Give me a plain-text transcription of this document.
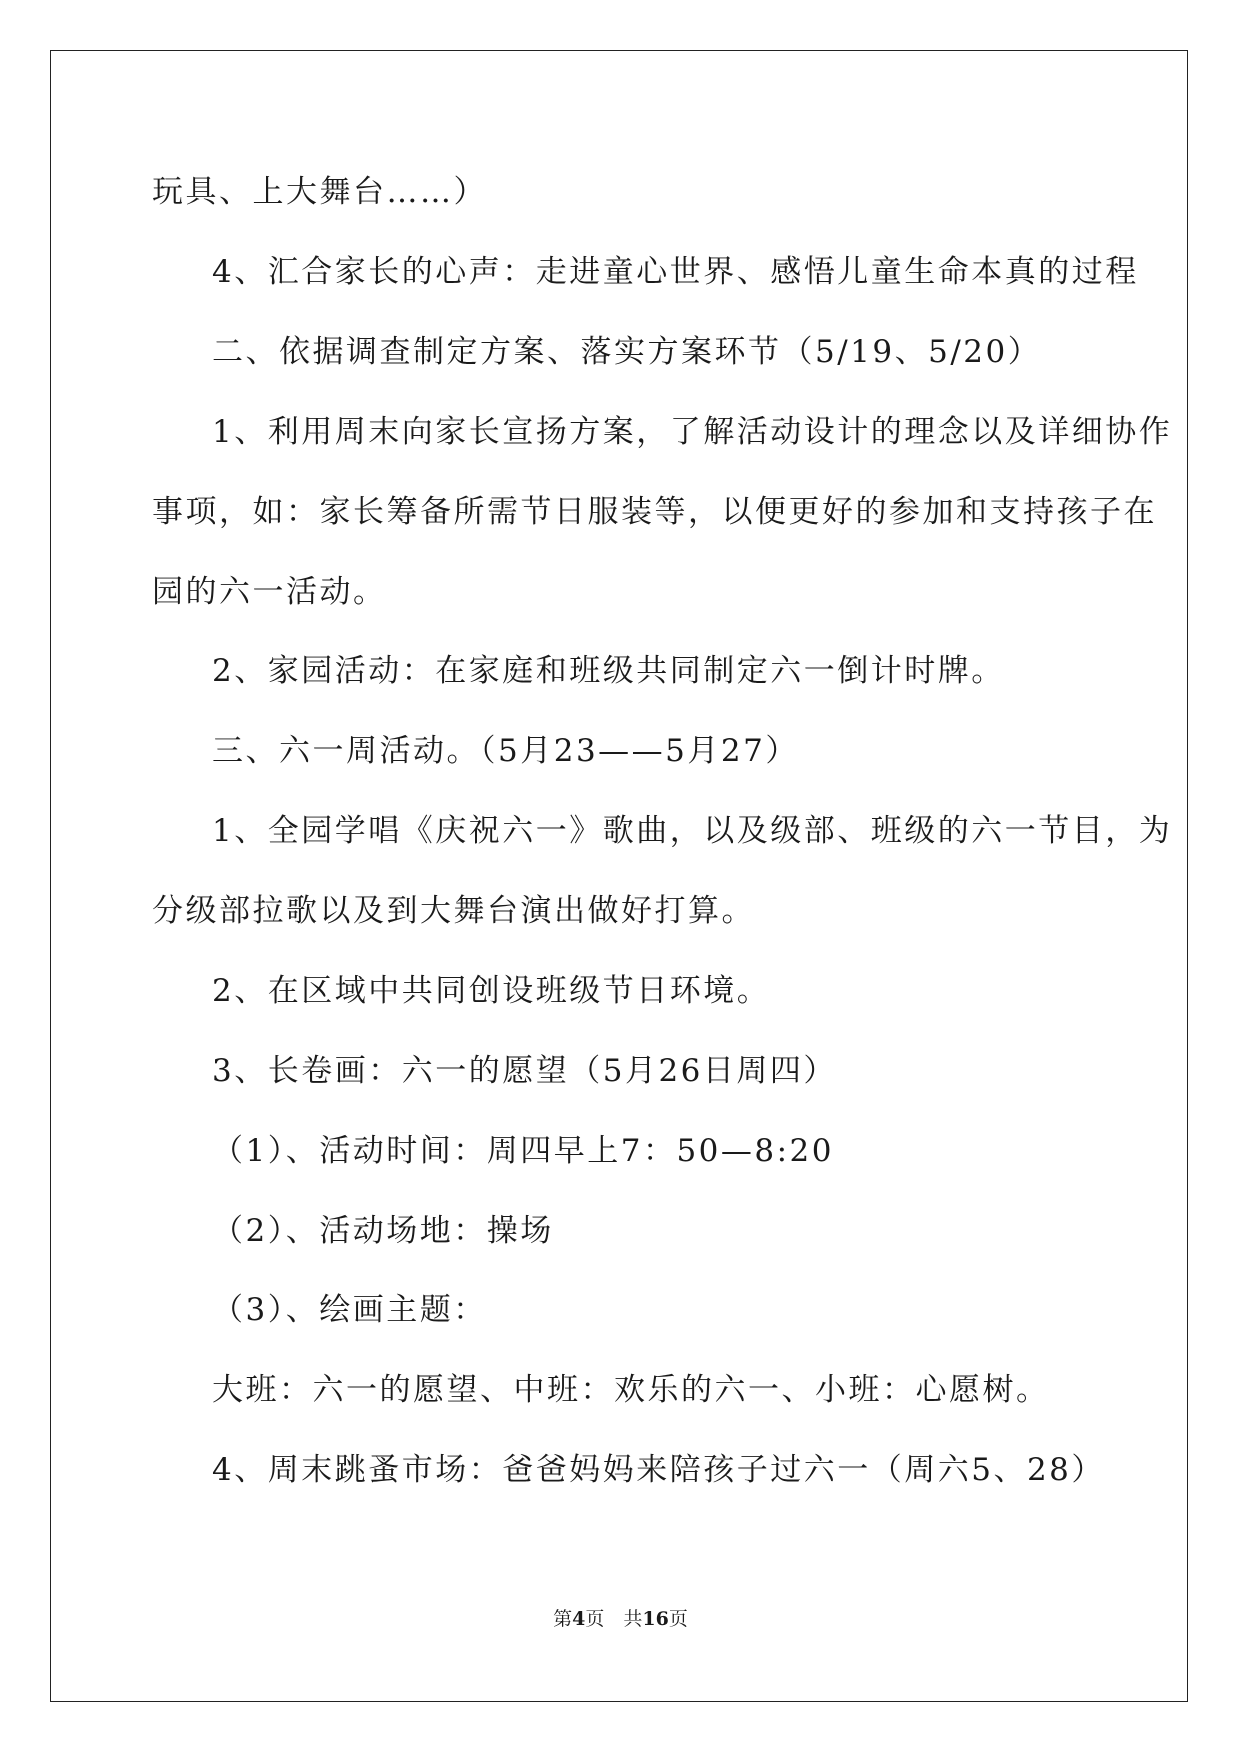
玩具、上大舞台……）
4、汇合家长的心声：走进童心世界、感悟儿童生命本真的过程
二、依据调查制定方案、落实方案环节（5/19、5/20）
1、利用周末向家长宣扬方案，了解活动设计的理念以及详细协作
事项，如：家长筹备所需节日服装等，以便更好的参加和支持孩子在
园的六一活动。
2、家园活动：在家庭和班级共同制定六一倒计时牌。
三、六一周活动。（5月23——5月27）
1、全园学唱《庆祝六一》歌曲，以及级部、班级的六一节目，为
分级部拉歌以及到大舞台演出做好打算。
2、在区域中共同创设班级节日环境。
3、长卷画：六一的愿望（5月26日周四）
（1）、活动时间：周四早上7：50—8:20
（2）、活动场地：操场
（3）、绘画主题：
大班：六一的愿望、中班：欢乐的六一、小班：心愿树。
4、周末跳蚤市场：爸爸妈妈来陪孩子过六一（周六5、28）
第4页　共16页
